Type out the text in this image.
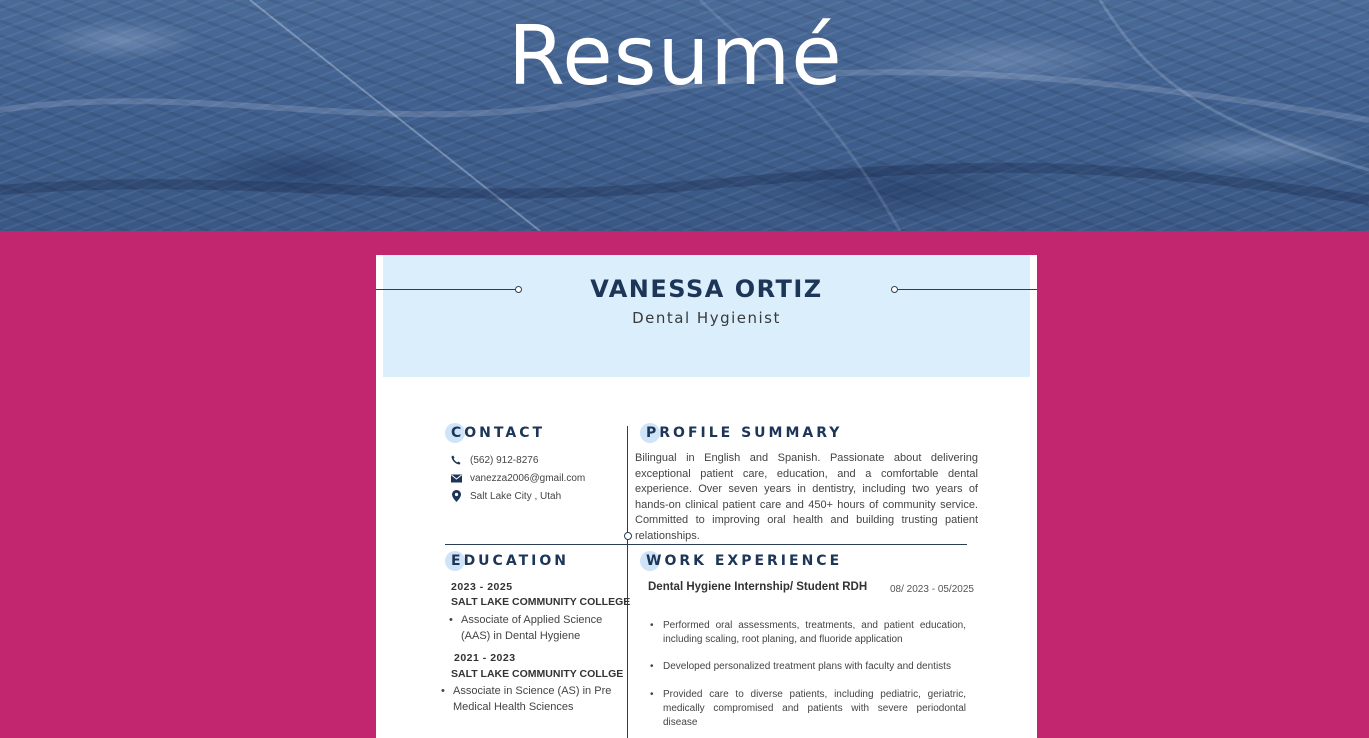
Resumé
VANESSA ORTIZ
Dental Hygienist
CONTACT
(562) 912-8276
vanezza2006@gmail.com
Salt Lake City , Utah
PROFILE SUMMARY

Bilingual in English and Spanish. Passionate about delivering exceptional patient care, education, and a comfortable dental experience. Over seven years in dentistry, including two years of hands-on clinical patient care and 450+ hours of community service. Committed to improving oral health and building trusting patient relationships.

EDUCATION
2023 - 2025
SALT LAKE COMMUNITY COLLEGE
• Associate of Applied Science
(AAS) in Dental Hygiene
2021 - 2023
SALT LAKE COMMUNITY COLLGE
• Associate in Science (AS) in Pre
Medical Health Sciences
WORK EXPERIENCE
Dental Hygiene Internship/ Student RDH 08/ 2023 - 05/2025

• Performed oral assessments, treatments, and patient education, including scaling, root planing, and fluoride application

• Developed personalized treatment plans with faculty and dentists

• Provided care to diverse patients, including pediatric, geriatric, medically compromised and patients with severe periodontal disease
